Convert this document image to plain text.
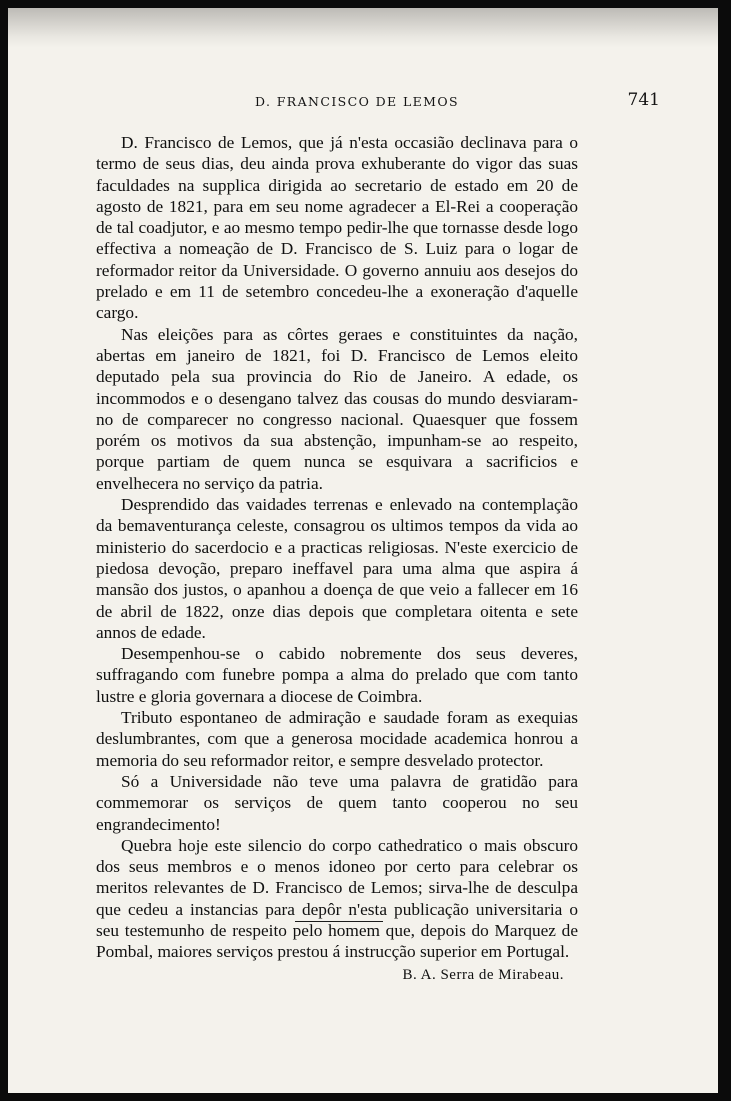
D. FRANCISCO DE LEMOS	741

D. Francisco de Lemos, que já n'esta occasião declinava para o termo de seus dias, deu ainda prova exhuberante do vigor das suas faculdades na supplica dirigida ao secretario de estado em 20 de agosto de 1821, para em seu nome agradecer a El-Rei a cooperação de tal coadjutor, e ao mesmo tempo pedir-lhe que tornasse desde logo effectiva a nomeação de D. Francisco de S. Luiz para o logar de reformador reitor da Universidade. O governo annuiu aos desejos do prelado e em 11 de setembro concedeu-lhe a exoneração d'aquelle cargo.

Nas eleições para as côrtes geraes e constituintes da nação, abertas em janeiro de 1821, foi D. Francisco de Lemos eleito deputado pela sua provincia do Rio de Janeiro. A edade, os incommodos e o desengano talvez das cousas do mundo desviaram-no de comparecer no congresso nacional. Quaesquer que fossem porém os motivos da sua abstenção, impunham-se ao respeito, porque partiam de quem nunca se esquivara a sacrificios e envelhecera no serviço da patria.

Desprendido das vaidades terrenas e enlevado na contemplação da bemaventurança celeste, consagrou os ultimos tempos da vida ao ministerio do sacerdocio e a practicas religiosas. N'este exercicio de piedosa devoção, preparo ineffavel para uma alma que aspira á mansão dos justos, o apanhou a doença de que veio a fallecer em 16 de abril de 1822, onze dias depois que completara oitenta e sete annos de edade.

Desempenhou-se o cabido nobremente dos seus deveres, suffragando com funebre pompa a alma do prelado que com tanto lustre e gloria governara a diocese de Coimbra.

Tributo espontaneo de admiração e saudade foram as exequias deslumbrantes, com que a generosa mocidade academica honrou a memoria do seu reformador reitor, e sempre desvelado protector.

Só a Universidade não teve uma palavra de gratidão para commemorar os serviços de quem tanto cooperou no seu engrandecimento!

Quebra hoje este silencio do corpo cathedratico o mais obscuro dos seus membros e o menos idoneo por certo para celebrar os meritos relevantes de D. Francisco de Lemos; sirva-lhe de desculpa que cedeu a instancias para depôr n'esta publicação universitaria o seu testemunho de respeito pelo homem que, depois do Marquez de Pombal, maiores serviços prestou á instrucção superior em Portugal.

B. A. Serra de Mirabeau.
